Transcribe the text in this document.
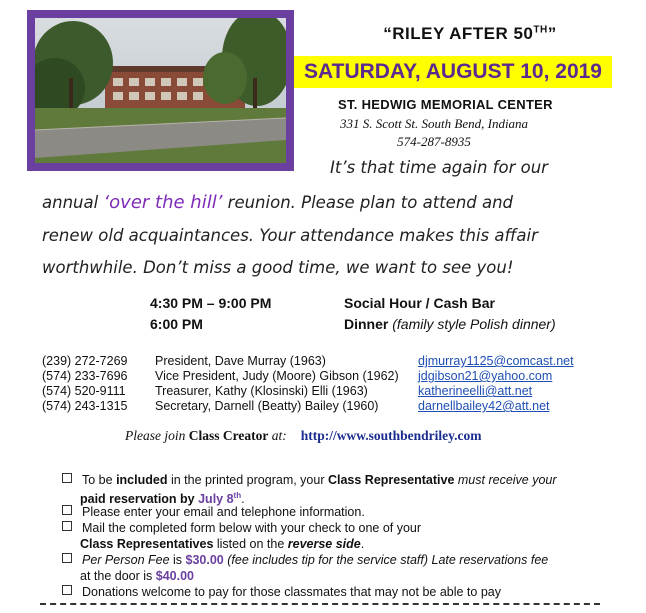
“RILEY AFTER 50TH”
SATURDAY, AUGUST 10, 2019
ST. HEDWIG MEMORIAL CENTER
331 S. Scott St. South Bend, Indiana
574-287-8935
It’s that time again for our
annual ‘over the hill’ reunion. Please plan to attend and
renew old acquaintances. Your attendance makes this affair
worthwhile. Don’t miss a good time, we want to see you!
4:30 PM – 9:00 PM	Social Hour / Cash Bar
6:00 PM	Dinner (family style Polish dinner)
(239) 272-7269 President, Dave Murray (1963)	djmurray1125@comcast.net
(574) 233-7696 Vice President, Judy (Moore) Gibson (1962) jdgibson21@yahoo.com
(574) 520-9111 Treasurer, Kathy (Klosinski) Elli (1963)	katherineelli@att.net
(574) 243-1315 Secretary, Darnell (Beatty) Bailey (1960)	darnellbailey42@att.net
Please join Class Creator at: http://www.southbendriley.com
To be included in the printed program, your Class Representative must receive your
paid reservation by July 8th.
Please enter your email and telephone information.
Mail the completed form below with your check to one of your
Class Representatives listed on the reverse side.
Per Person Fee is $30.00 (fee includes tip for the service staff) Late reservations fee
at the door is $40.00
Donations welcome to pay for those classmates that may not be able to pay
